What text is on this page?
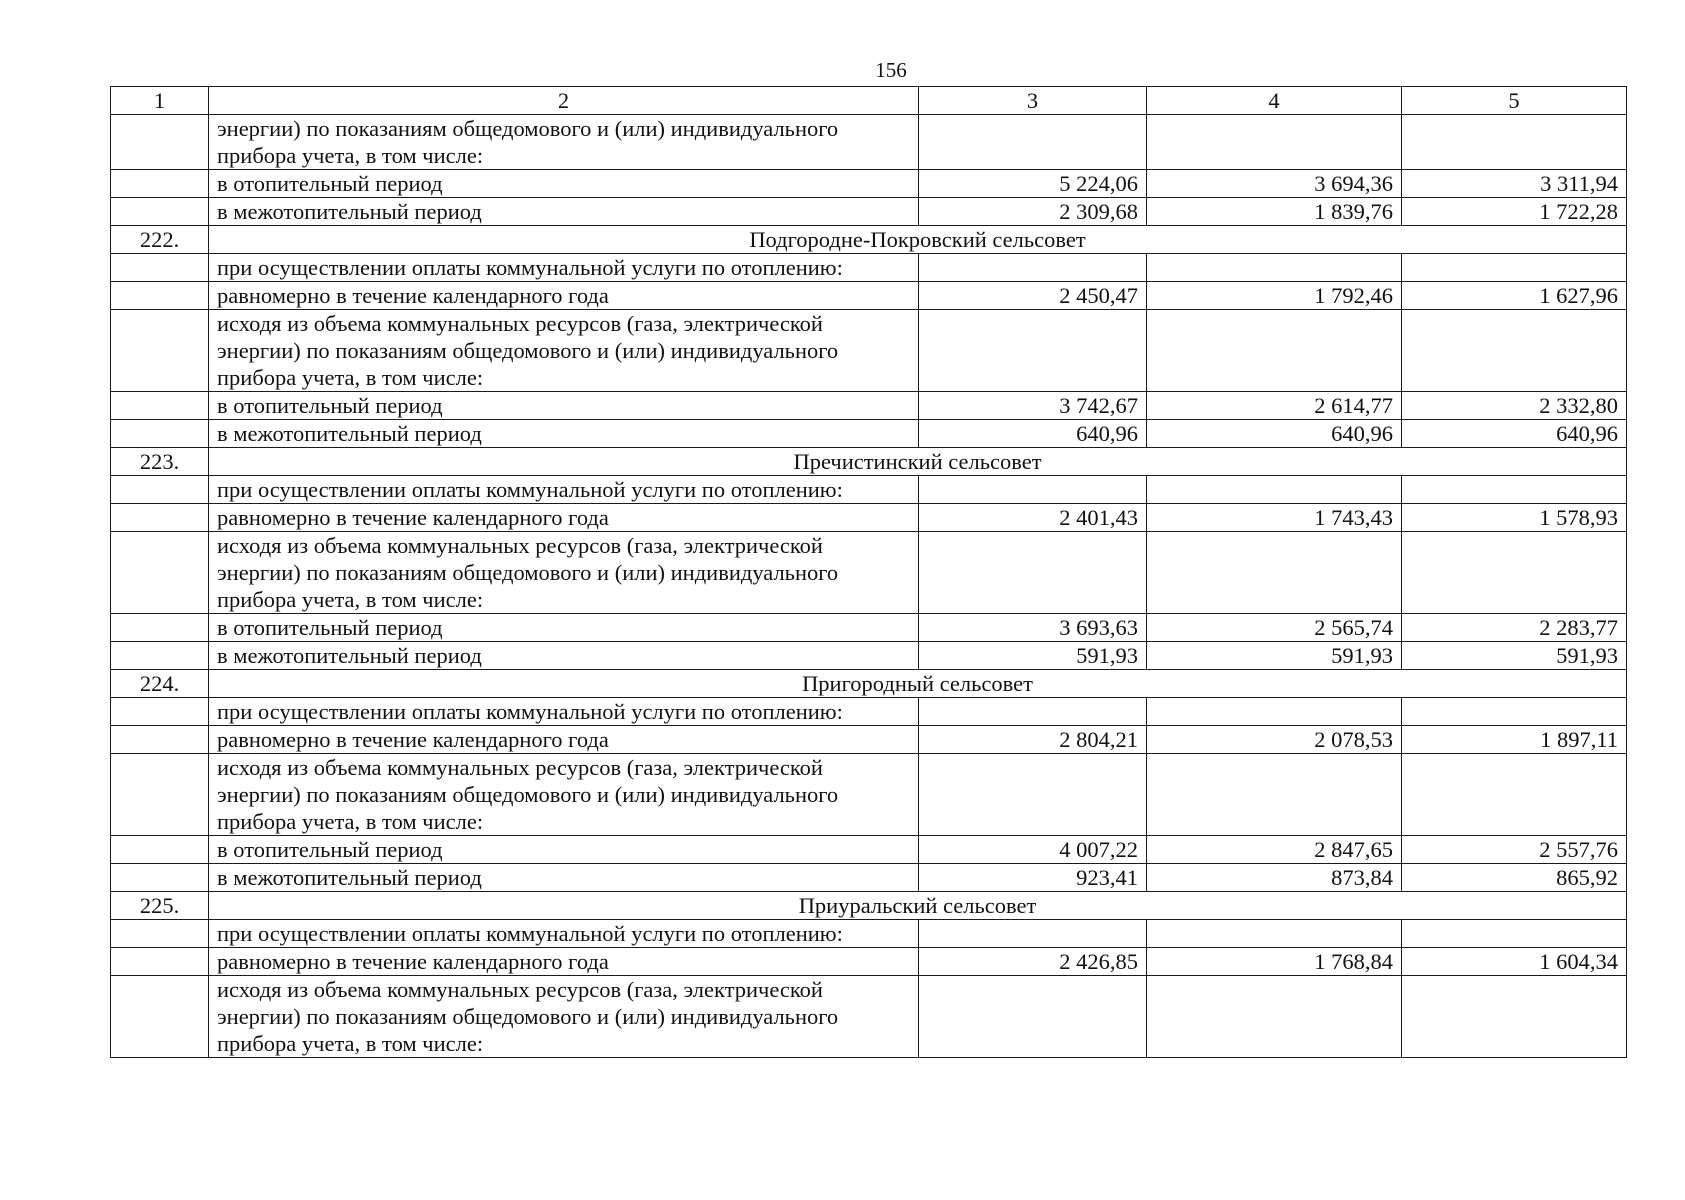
156
1	2	3	4	5
	энергии) по показаниям общедомового и (или) индивидуального прибора учета, в том числе:			
	в отопительный период	5 224,06	3 694,36	3 311,94
	в межотопительный период	2 309,68	1 839,76	1 722,28
222.	Подгородне-Покровский сельсовет			
	при осуществлении оплаты коммунальной услуги по отоплению:			
	равномерно в течение календарного года	2 450,47	1 792,46	1 627,96
	исходя из объема коммунальных ресурсов (газа, электрической энергии) по показаниям общедомового и (или) индивидуального прибора учета, в том числе:			
	в отопительный период	3 742,67	2 614,77	2 332,80
	в межотопительный период	640,96	640,96	640,96
223.	Пречистинский сельсовет			
	при осуществлении оплаты коммунальной услуги по отоплению:			
	равномерно в течение календарного года	2 401,43	1 743,43	1 578,93
	исходя из объема коммунальных ресурсов (газа, электрической энергии) по показаниям общедомового и (или) индивидуального прибора учета, в том числе:			
	в отопительный период	3 693,63	2 565,74	2 283,77
	в межотопительный период	591,93	591,93	591,93
224.	Пригородный сельсовет			
	при осуществлении оплаты коммунальной услуги по отоплению:			
	равномерно в течение календарного года	2 804,21	2 078,53	1 897,11
	исходя из объема коммунальных ресурсов (газа, электрической энергии) по показаниям общедомового и (или) индивидуального прибора учета, в том числе:			
	в отопительный период	4 007,22	2 847,65	2 557,76
	в межотопительный период	923,41	873,84	865,92
225.	Приуральский сельсовет			
	при осуществлении оплаты коммунальной услуги по отоплению:			
	равномерно в течение календарного года	2 426,85	1 768,84	1 604,34
	исходя из объема коммунальных ресурсов (газа, электрической энергии) по показаниям общедомового и (или) индивидуального прибора учета, в том числе:			
